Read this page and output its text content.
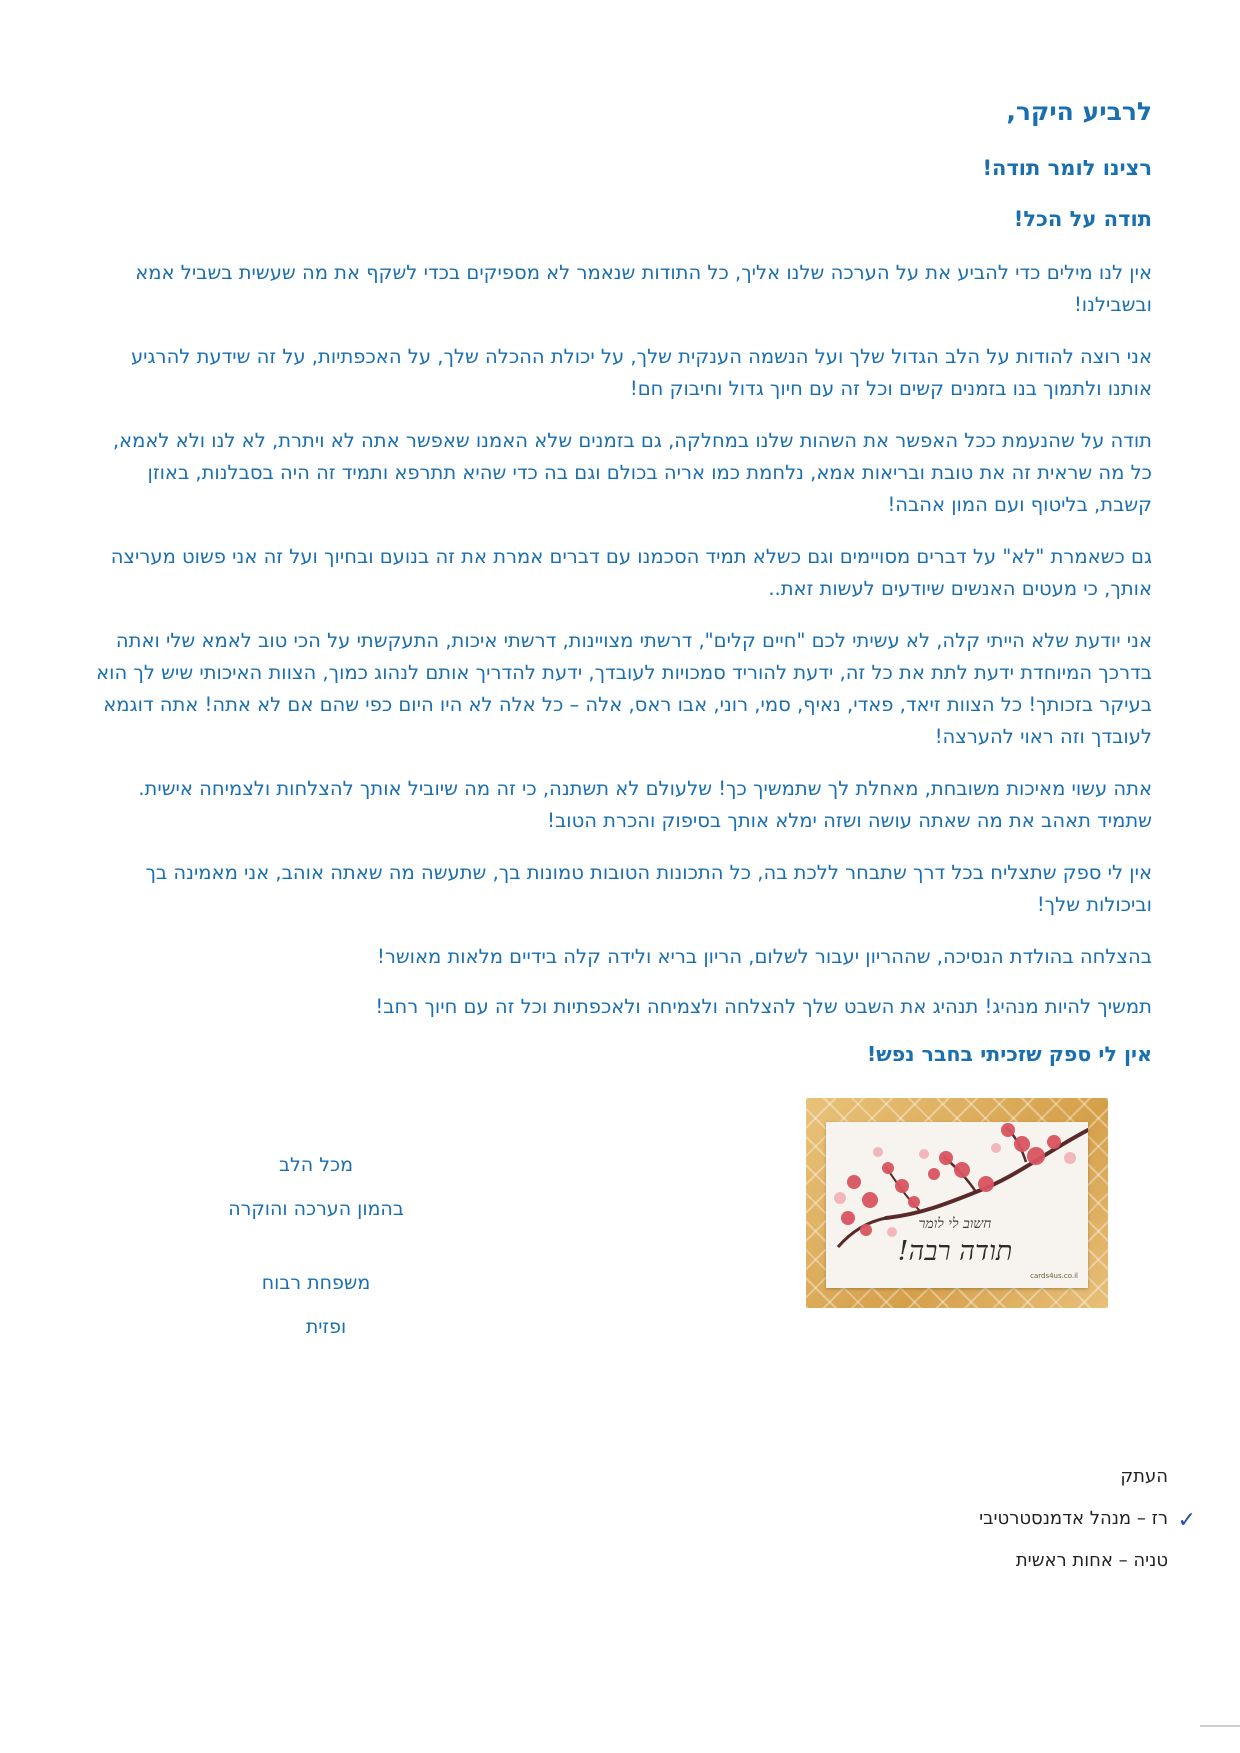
לרביע היקר,

רצינו לומר תודה!

תודה על הכל!

אין לנו מילים כדי להביע את על הערכה שלנו אליך, כל התודות שנאמר לא מספיקים בכדי לשקף את מה שעשית בשביל אמא ובשבילנו!

אני רוצה להודות על הלב הגדול שלך ועל הנשמה הענקית שלך, על יכולת ההכלה שלך, על האכפתיות, על זה שידעת להרגיע אותנו ולתמוך בנו בזמנים קשים וכל זה עם חיוך גדול וחיבוק חם!

תודה על שהנעמת ככל האפשר את השהות שלנו במחלקה, גם בזמנים שלא האמנו שאפשר אתה לא ויתרת, לא לנו ולא לאמא, כל מה שראית זה את טובת ובריאות אמא, נלחמת כמו אריה בכולם וגם בה כדי שהיא תתרפא ותמיד זה היה בסבלנות, באוזן קשבת, בליטוף ועם המון אהבה!

גם כשאמרת "לא" על דברים מסויימים וגם כשלא תמיד הסכמנו עם דברים אמרת את זה בנועם ובחיוך ועל זה אני פשוט מעריצה אותך, כי מעטים האנשים שיודעים לעשות זאת..

אני יודעת שלא הייתי קלה, לא עשיתי לכם "חיים קלים", דרשתי מצויינות, דרשתי איכות, התעקשתי על הכי טוב לאמא שלי ואתה בדרכך המיוחדת ידעת לתת את כל זה, ידעת להוריד סמכויות לעובדך, ידעת להדריך אותם לנהוג כמוך, הצוות האיכותי שיש לך הוא בעיקר בזכותך! כל הצוות זיאד, פאדי, נאיף, סמי, רוני, אבו ראס, אלה – כל אלה לא היו היום כפי שהם אם לא אתה! אתה דוגמא לעובדך וזה ראוי להערצה!

אתה עשוי מאיכות משובחת, מאחלת לך שתמשיך כך! שלעולם לא תשתנה, כי זה מה שיוביל אותך להצלחות ולצמיחה אישית. שתמיד תאהב את מה שאתה עושה ושזה ימלא אותך בסיפוק והכרת הטוב!

אין לי ספק שתצליח בכל דרך שתבחר ללכת בה, כל התכונות הטובות טמונות בך, שתעשה מה שאתה אוהב, אני מאמינה בך וביכולות שלך!

בהצלחה בהולדת הנסיכה, שההריון יעבור לשלום, הריון בריא ולידה קלה בידיים מלאות מאושר!

תמשיך להיות מנהיג! תנהיג את השבט שלך להצלחה ולצמיחה ולאכפתיות וכל זה עם חיוך רחב!

אין לי ספק שזכיתי בחבר נפש!

מכל הלב
בהמון הערכה והוקרה
משפחת רבוח
ופזית
חשוב לי לומר
תודה רבה!
cards4us.co.il
העתק
✓
רז – מנהל אדמנסטרטיבי
טניה – אחות ראשית
